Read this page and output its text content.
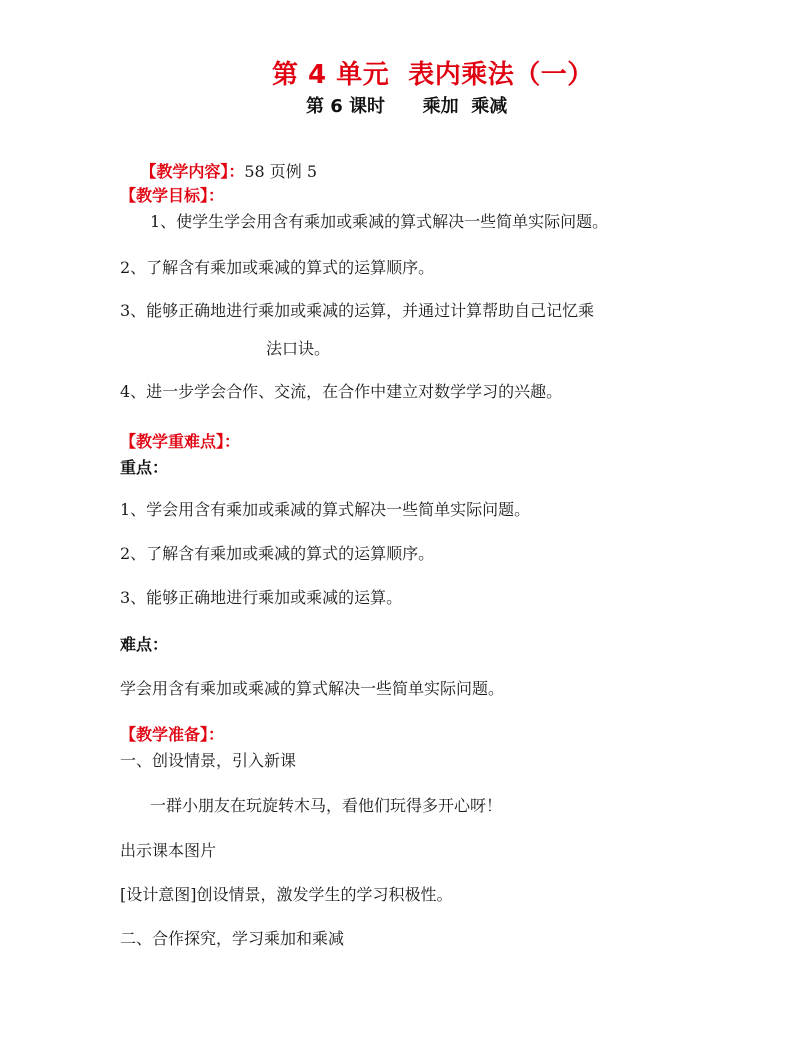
第 4 单元  表内乘法（一）
第 6 课时      乘加  乘减

【教学内容】：58 页例 5

【教学目标】：
1、使学生学会用含有乘加或乘减的算式解决一些简单实际问题。
2、了解含有乘加或乘减的算式的运算顺序。
3、能够正确地进行乘加或乘减的运算，并通过计算帮助自己记忆乘
法口诀。
4、进一步学会合作、交流，在合作中建立对数学学习的兴趣。
【教学重难点】：
重点：
1、学会用含有乘加或乘减的算式解决一些简单实际问题。
2、了解含有乘加或乘减的算式的运算顺序。
3、能够正确地进行乘加或乘减的运算。
难点：
学会用含有乘加或乘减的算式解决一些简单实际问题。
【教学准备】：
一、创设情景，引入新课
一群小朋友在玩旋转木马，看他们玩得多开心呀！
出示课本图片
[设计意图]创设情景，激发学生的学习积极性。
二、合作探究，学习乘加和乘减
